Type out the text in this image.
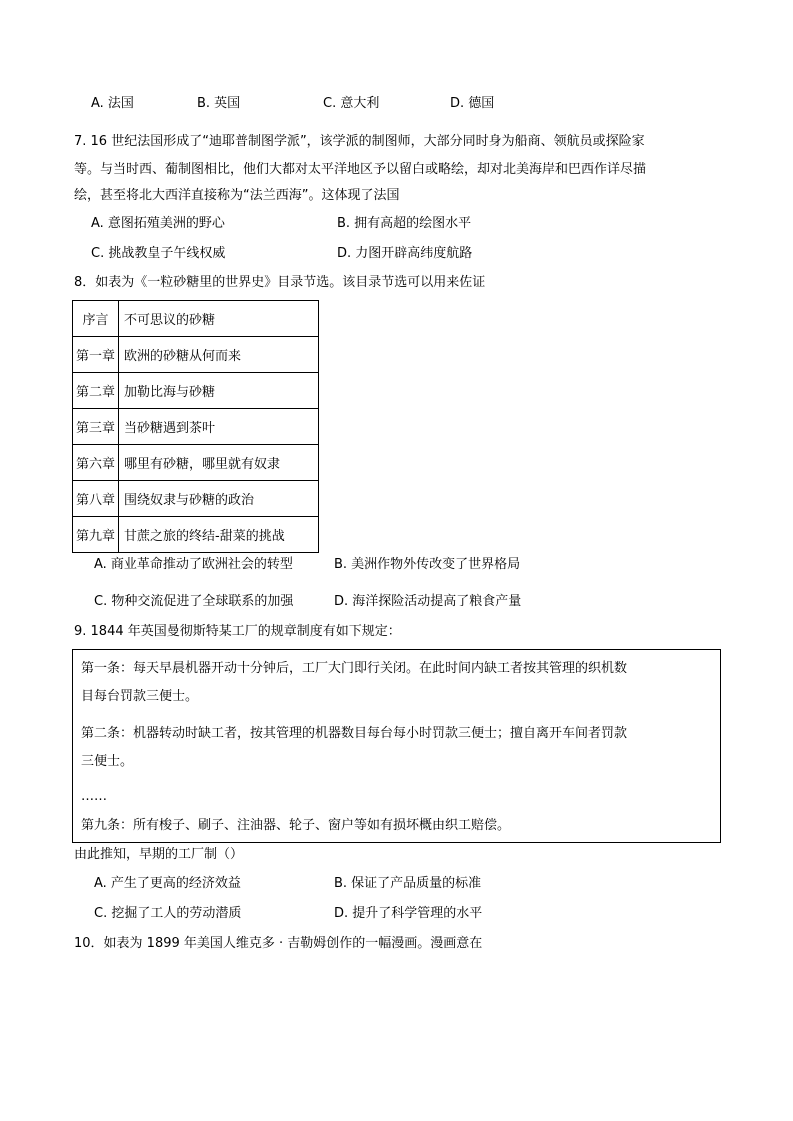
A. 法国	B. 英国	C. 意大利	D. 德国
7. 16 世纪法国形成了“迪耶普制图学派”，该学派的制图师，大部分同时身为船商、领航员或探险家
等。与当时西、葡制图相比，他们大都对太平洋地区予以留白或略绘，却对北美海岸和巴西作详尽描
绘，甚至将北大西洋直接称为“法兰西海”。这体现了法国
A. 意图拓殖美洲的野心	B. 拥有高超的绘图水平
C. 挑战教皇子午线权威	D. 力图开辟高纬度航路
8．如表为《一粒砂糖里的世界史》目录节选。该目录节选可以用来佐证
序言	不可思议的砂糖
第一章	欧洲的砂糖从何而来
第二章	加勒比海与砂糖
第三章	当砂糖遇到茶叶
第六章	哪里有砂糖，哪里就有奴隶
第八章	围绕奴隶与砂糖的政治
第九章	甘蔗之旅的终结-甜菜的挑战
A. 商业革命推动了欧洲社会的转型	B. 美洲作物外传改变了世界格局
C. 物种交流促进了全球联系的加强	D. 海洋探险活动提高了粮食产量
9. 1844 年英国曼彻斯特某工厂的规章制度有如下规定：
第一条：每天早晨机器开动十分钟后，工厂大门即行关闭。在此时间内缺工者按其管理的织机数
目每台罚款三便士。
第二条：机器转动时缺工者，按其管理的机器数目每台每小时罚款三便士；擅自离开车间者罚款
三便士。
……
第九条：所有梭子、刷子、注油器、轮子、窗户等如有损坏概由织工赔偿。
由此推知，早期的工厂制（）
A. 产生了更高的经济效益	B. 保证了产品质量的标准
C. 挖掘了工人的劳动潜质	D. 提升了科学管理的水平
10．如表为 1899 年美国人维克多 · 吉勒姆创作的一幅漫画。漫画意在
